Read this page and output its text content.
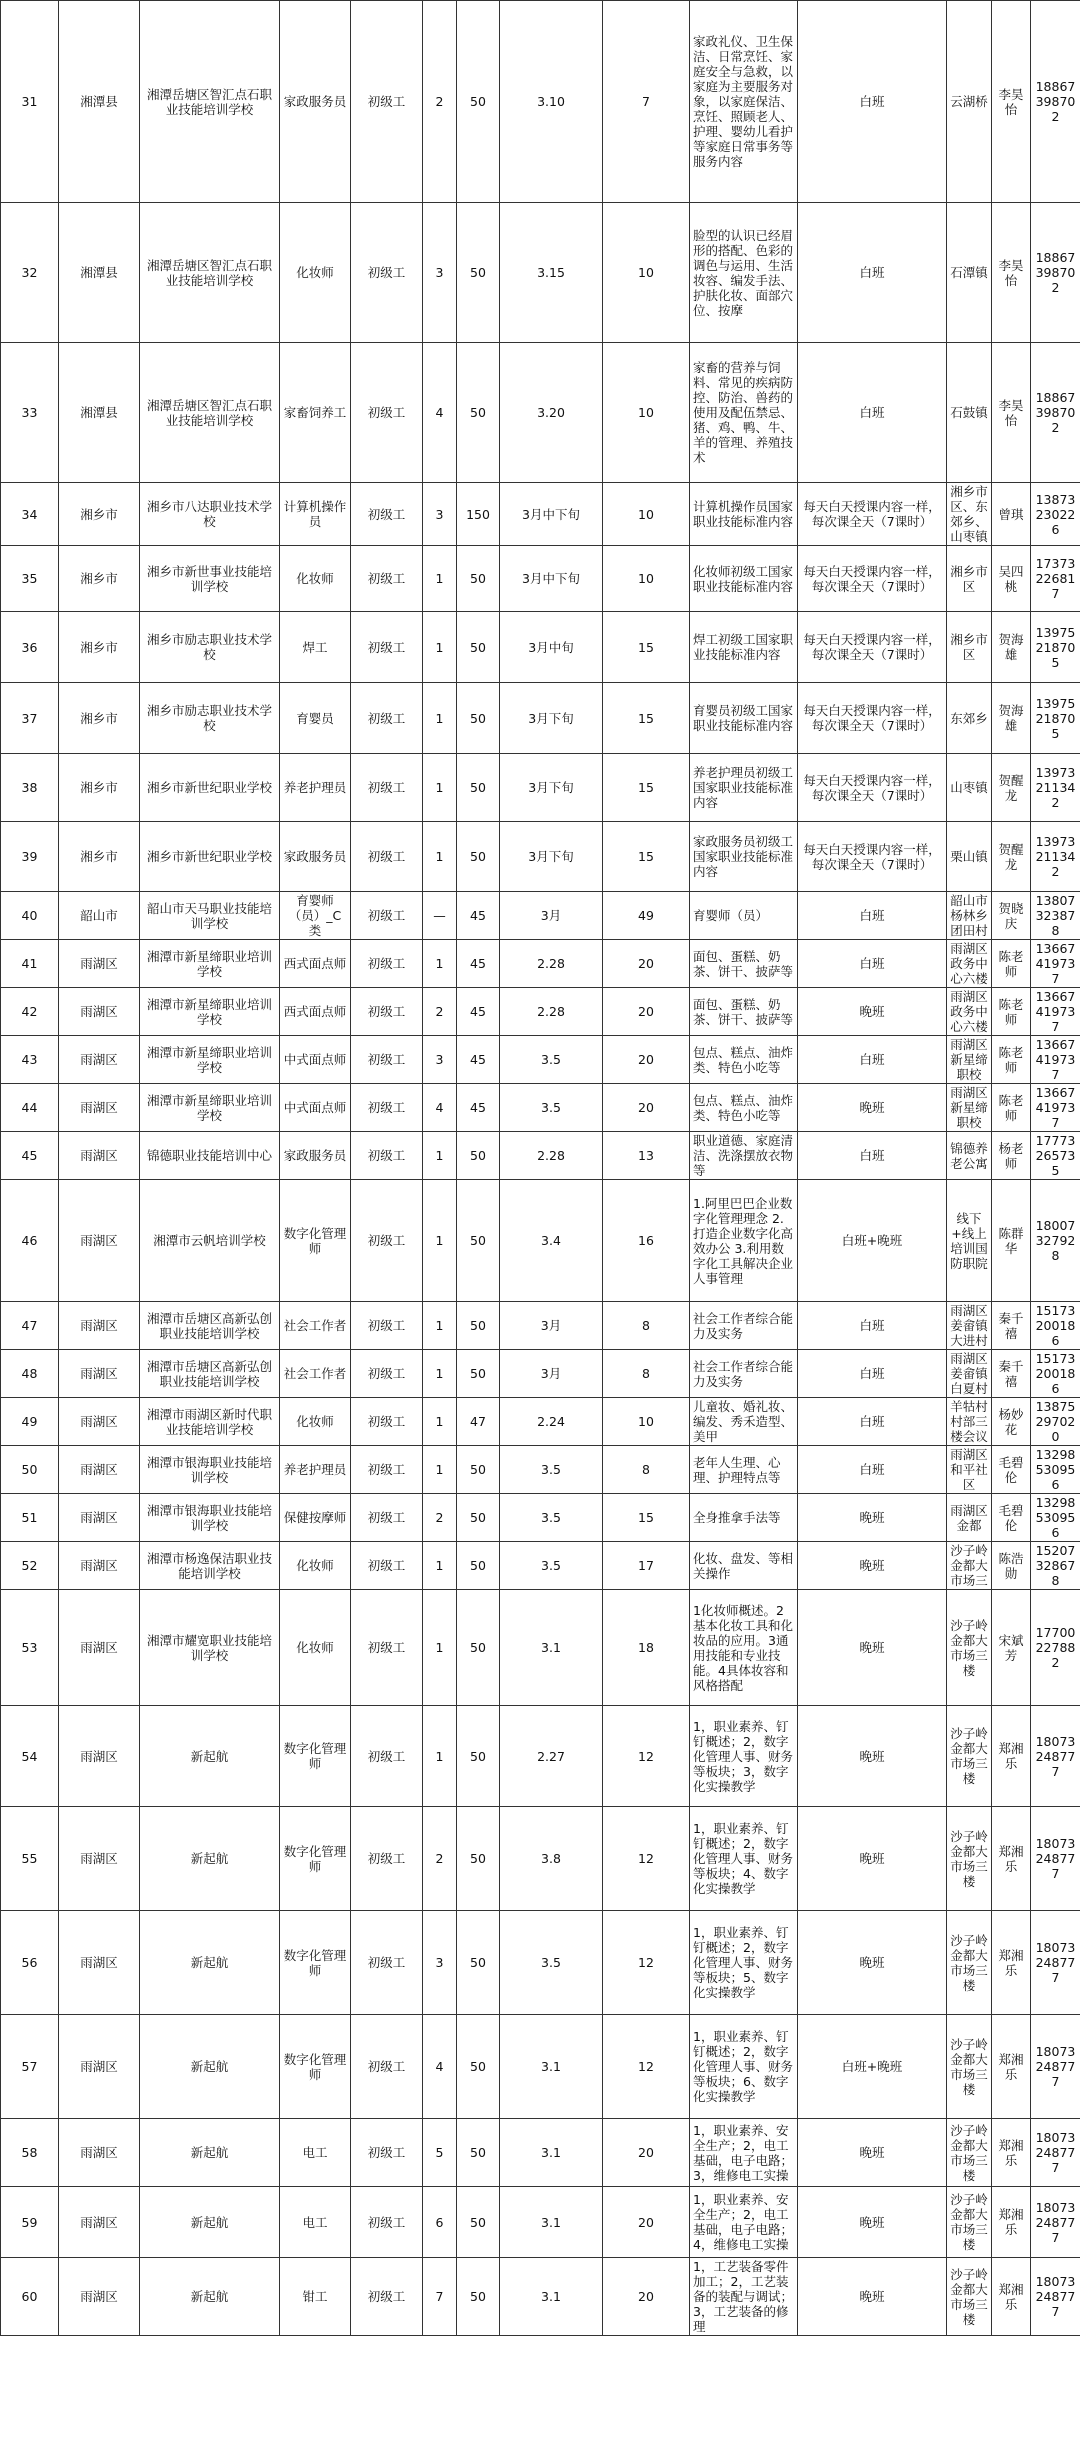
31	湘潭县	湘潭岳塘区智汇点石职业技能培训学校	家政服务员	初级工	2	50	3.10	7	家政礼仪、卫生保洁、日常烹饪、家庭安全与急救，以家庭为主要服务对象，以家庭保洁、烹饪、照顾老人、护理、婴幼儿看护等家庭日常事务等服务内容	白班	云湖桥	李昊怡	18867398702
32	湘潭县	湘潭岳塘区智汇点石职业技能培训学校	化妆师	初级工	3	50	3.15	10	脸型的认识已经眉形的搭配、色彩的调色与运用、生活妆容、编发手法、护肤化妆、面部穴位、按摩	白班	石潭镇	李昊怡	18867398702
33	湘潭县	湘潭岳塘区智汇点石职业技能培训学校	家畜饲养工	初级工	4	50	3.20	10	家畜的营养与饲料、常见的疾病防控、防治、兽药的使用及配伍禁忌、猪、鸡、鸭、牛、羊的管理、养殖技术	白班	石鼓镇	李昊怡	18867398702
34	湘乡市	湘乡市八达职业技术学校	计算机操作员	初级工	3	150	3月中下旬	10	计算机操作员国家职业技能标准内容	每天白天授课内容一样，每次课全天（7课时）	湘乡市区、东郊乡、山枣镇	曾琪	13873230226
35	湘乡市	湘乡市新世事业技能培训学校	化妆师	初级工	1	50	3月中下旬	10	化妆师初级工国家职业技能标准内容	每天白天授课内容一样，每次课全天（7课时）	湘乡市区	吴四桃	17373226817
36	湘乡市	湘乡市励志职业技术学校	焊工	初级工	1	50	3月中旬	15	焊工初级工国家职业技能标准内容	每天白天授课内容一样，每次课全天（7课时）	湘乡市区	贺海雄	13975218705
37	湘乡市	湘乡市励志职业技术学校	育婴员	初级工	1	50	3月下旬	15	育婴员初级工国家职业技能标准内容	每天白天授课内容一样，每次课全天（7课时）	东郊乡	贺海雄	13975218705
38	湘乡市	湘乡市新世纪职业学校	养老护理员	初级工	1	50	3月下旬	15	养老护理员初级工国家职业技能标准内容	每天白天授课内容一样，每次课全天（7课时）	山枣镇	贺醒龙	13973211342
39	湘乡市	湘乡市新世纪职业学校	家政服务员	初级工	1	50	3月下旬	15	家政服务员初级工国家职业技能标准内容	每天白天授课内容一样，每次课全天（7课时）	栗山镇	贺醒龙	13973211342
40	韶山市	韶山市天马职业技能培训学校	育婴师（员）_C类	初级工	—	45	3月	49	育婴师（员）	白班	韶山市杨林乡团田村	贺晓庆	13807323878
41	雨湖区	湘潭市新星缔职业培训学校	西式面点师	初级工	1	45	2.28	20	面包、蛋糕、奶茶、饼干、披萨等	白班	雨湖区政务中心六楼	陈老师	13667419737
42	雨湖区	湘潭市新星缔职业培训学校	西式面点师	初级工	2	45	2.28	20	面包、蛋糕、奶茶、饼干、披萨等	晚班	雨湖区政务中心六楼	陈老师	13667419737
43	雨湖区	湘潭市新星缔职业培训学校	中式面点师	初级工	3	45	3.5	20	包点、糕点、油炸类、特色小吃等	白班	雨湖区新星缔职校	陈老师	13667419737
44	雨湖区	湘潭市新星缔职业培训学校	中式面点师	初级工	4	45	3.5	20	包点、糕点、油炸类、特色小吃等	晚班	雨湖区新星缔职校	陈老师	13667419737
45	雨湖区	锦德职业技能培训中心	家政服务员	初级工	1	50	2.28	13	职业道德、家庭清洁、洗涤摆放衣物等	白班	锦德养老公寓	杨老师	17773265735
46	雨湖区	湘潭市云帆培训学校	数字化管理师	初级工	1	50	3.4	16	1.阿里巴巴企业数字化管理理念 2.打造企业数字化高效办公 3.利用数字化工具解决企业人事管理	白班+晚班	线下+线上培训国防职院	陈群华	18007327928
47	雨湖区	湘潭市岳塘区高新弘创职业技能培训学校	社会工作者	初级工	1	50	3月	8	社会工作者综合能力及实务	白班	雨湖区姜畲镇大进村	秦千禧	15173200186
48	雨湖区	湘潭市岳塘区高新弘创职业技能培训学校	社会工作者	初级工	1	50	3月	8	社会工作者综合能力及实务	白班	雨湖区姜畲镇白夏村	秦千禧	15173200186
49	雨湖区	湘潭市雨湖区新时代职业技能培训学校	化妆师	初级工	1	47	2.24	10	儿童妆、婚礼妆、编发、秀禾造型、美甲	白班	羊牯村村部三楼会议	杨妙花	13875297020
50	雨湖区	湘潭市银海职业技能培训学校	养老护理员	初级工	1	50	3.5	8	老年人生理、心理、护理特点等	白班	雨湖区和平社区	毛碧伦	13298530956
51	雨湖区	湘潭市银海职业技能培训学校	保健按摩师	初级工	2	50	3.5	15	全身推拿手法等	晚班	雨湖区金都	毛碧伦	13298530956
52	雨湖区	湘潭市杨逸保洁职业技能培训学校	化妆师	初级工	1	50	3.5	17	化妆、盘发、等相关操作	晚班	沙子岭金都大市场三	陈浩勋	15207328678
53	雨湖区	湘潭市耀宽职业技能培训学校	化妆师	初级工	1	50	3.1	18	1化妆师概述。2基本化妆工具和化妆品的应用。3通用技能和专业技能。4具体妆容和风格搭配	晚班	沙子岭金都大市场三楼	宋斌芳	17700227882
54	雨湖区	新起航	数字化管理师	初级工	1	50	2.27	12	1，职业素养、钉钉概述；2，数字化管理人事、财务等板块；3，数字化实操教学	晚班	沙子岭金都大市场三楼	郑湘乐	18073248777
55	雨湖区	新起航	数字化管理师	初级工	2	50	3.8	12	1，职业素养、钉钉概述；2，数字化管理人事、财务等板块；4、数字化实操教学	晚班	沙子岭金都大市场三楼	郑湘乐	18073248777
56	雨湖区	新起航	数字化管理师	初级工	3	50	3.5	12	1，职业素养、钉钉概述；2，数字化管理人事、财务等板块；5、数字化实操教学	晚班	沙子岭金都大市场三楼	郑湘乐	18073248777
57	雨湖区	新起航	数字化管理师	初级工	4	50	3.1	12	1，职业素养、钉钉概述；2，数字化管理人事、财务等板块；6、数字化实操教学	白班+晚班	沙子岭金都大市场三楼	郑湘乐	18073248777
58	雨湖区	新起航	电工	初级工	5	50	3.1	20	1，职业素养、安全生产；2，电工基础，电子电路；3，维修电工实操	晚班	沙子岭金都大市场三楼	郑湘乐	18073248777
59	雨湖区	新起航	电工	初级工	6	50	3.1	20	1，职业素养、安全生产；2，电工基础，电子电路；4，维修电工实操	晚班	沙子岭金都大市场三楼	郑湘乐	18073248777
60	雨湖区	新起航	钳工	初级工	7	50	3.1	20	1，工艺装备零件加工；2，工艺装备的装配与调试；3，工艺装备的修理	晚班	沙子岭金都大市场三楼	郑湘乐	18073248777
